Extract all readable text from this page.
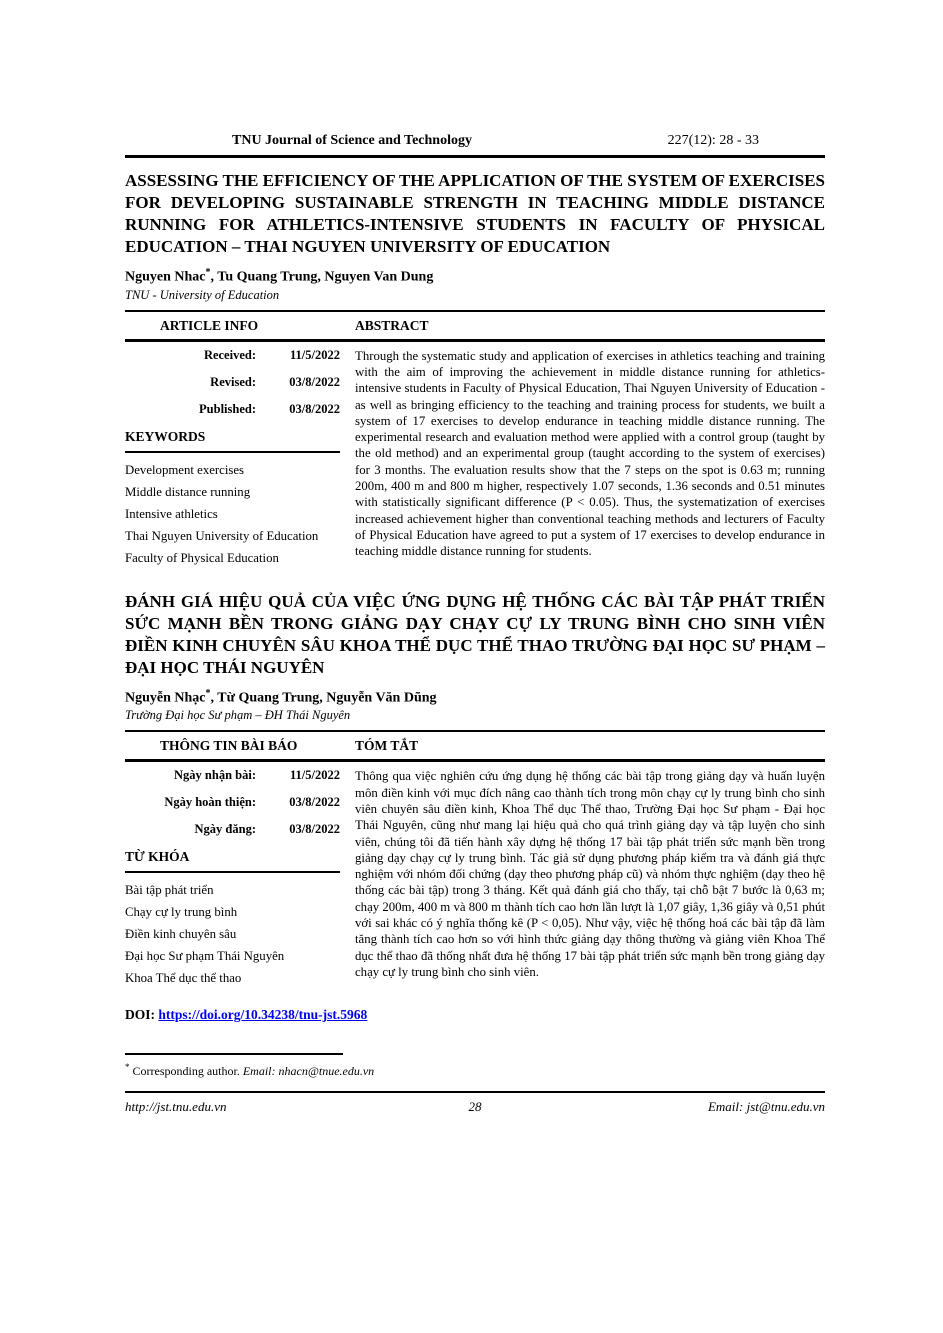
TNU Journal of Science and Technology	227(12): 28 - 33
ASSESSING THE EFFICIENCY OF THE APPLICATION OF THE SYSTEM OF EXERCISES FOR DEVELOPING SUSTAINABLE STRENGTH IN TEACHING MIDDLE DISTANCE RUNNING FOR ATHLETICS-INTENSIVE STUDENTS IN FACULTY OF PHYSICAL EDUCATION – THAI NGUYEN UNIVERSITY OF EDUCATION
Nguyen Nhac*, Tu Quang Trung, Nguyen Van Dung
TNU - University of Education
ARTICLE INFO	ABSTRACT
Received:	11/5/2022
Revised:	03/8/2022
Published:	03/8/2022
KEYWORDS
Development exercises
Middle distance running
Intensive athletics
Thai Nguyen University of Education
Faculty of Physical Education

Through the systematic study and application of exercises in athletics teaching and training with the aim of improving the achievement in middle distance running for athletics-intensive students in Faculty of Physical Education, Thai Nguyen University of Education -as well as bringing efficiency to the teaching and training process for students, we built a system of 17 exercises to develop endurance in teaching middle distance running. The experimental research and evaluation method were applied with a control group (taught by the old method) and an experimental group (taught according to the system of exercises) for 3 months. The evaluation results show that the 7 steps on the spot is 0.63 m; running 200m, 400 m and 800 m higher, respectively 1.07 seconds, 1.36 seconds and 0.51 minutes with statistically significant difference (P < 0.05). Thus, the systematization of exercises increased achievement higher than conventional teaching methods and lecturers of Faculty of Physical Education have agreed to put a system of 17 exercises to develop endurance in teaching middle distance running for students.

ĐÁNH GIÁ HIỆU QUẢ CỦA VIỆC ỨNG DỤNG HỆ THỐNG CÁC BÀI TẬP PHÁT TRIỂN SỨC MẠNH BỀN TRONG GIẢNG DẠY CHẠY CỰ LY TRUNG BÌNH CHO SINH VIÊN ĐIỀN KINH CHUYÊN SÂU KHOA THỂ DỤC THỂ THAO TRƯỜNG ĐẠI HỌC SƯ PHẠM – ĐẠI HỌC THÁI NGUYÊN
Nguyễn Nhạc*, Từ Quang Trung, Nguyễn Văn Dũng
Trường Đại học Sư phạm – ĐH Thái Nguyên
THÔNG TIN BÀI BÁO	TÓM TẮT
Ngày nhận bài:	11/5/2022
Ngày hoàn thiện:	03/8/2022
Ngày đăng:	03/8/2022
TỪ KHÓA
Bài tập phát triển
Chạy cự ly trung bình
Điền kinh chuyên sâu
Đại học Sư phạm Thái Nguyên
Khoa Thể dục thể thao

Thông qua việc nghiên cứu ứng dụng hệ thống các bài tập trong giảng dạy và huấn luyện môn điền kinh với mục đích nâng cao thành tích trong môn chạy cự ly trung bình cho sinh viên chuyên sâu điền kinh, Khoa Thể dục Thể thao, Trường Đại học Sư phạm - Đại học Thái Nguyên, cũng như mang lại hiệu quả cho quá trình giảng dạy và tập luyện cho sinh viên, chúng tôi đã tiến hành xây dựng hệ thống 17 bài tập phát triển sức mạnh bền trong giảng dạy chạy cự ly trung bình. Tác giả sử dụng phương pháp kiểm tra và đánh giá thực nghiệm với nhóm đối chứng (dạy theo phương pháp cũ) và nhóm thực nghiệm (dạy theo hệ thống các bài tập) trong 3 tháng. Kết quả đánh giá cho thấy, tại chỗ bật 7 bước là 0,63 m; chạy 200m, 400 m và 800 m thành tích cao hơn lần lượt là 1,07 giây, 1,36 giây và 0,51 phút với sai khác có ý nghĩa thống kê (P < 0,05). Như vậy, việc hệ thống hoá các bài tập đã làm tăng thành tích cao hơn so với hình thức giảng dạy thông thường và giảng viên Khoa Thể dục thể thao đã thống nhất đưa hệ thống 17 bài tập phát triển sức mạnh bền trong giảng dạy chạy cự ly trung bình cho sinh viên.

DOI: https://doi.org/10.34238/tnu-jst.5968
* Corresponding author. Email: nhacn@tnue.edu.vn
http://jst.tnu.edu.vn	28	Email: jst@tnu.edu.vn
